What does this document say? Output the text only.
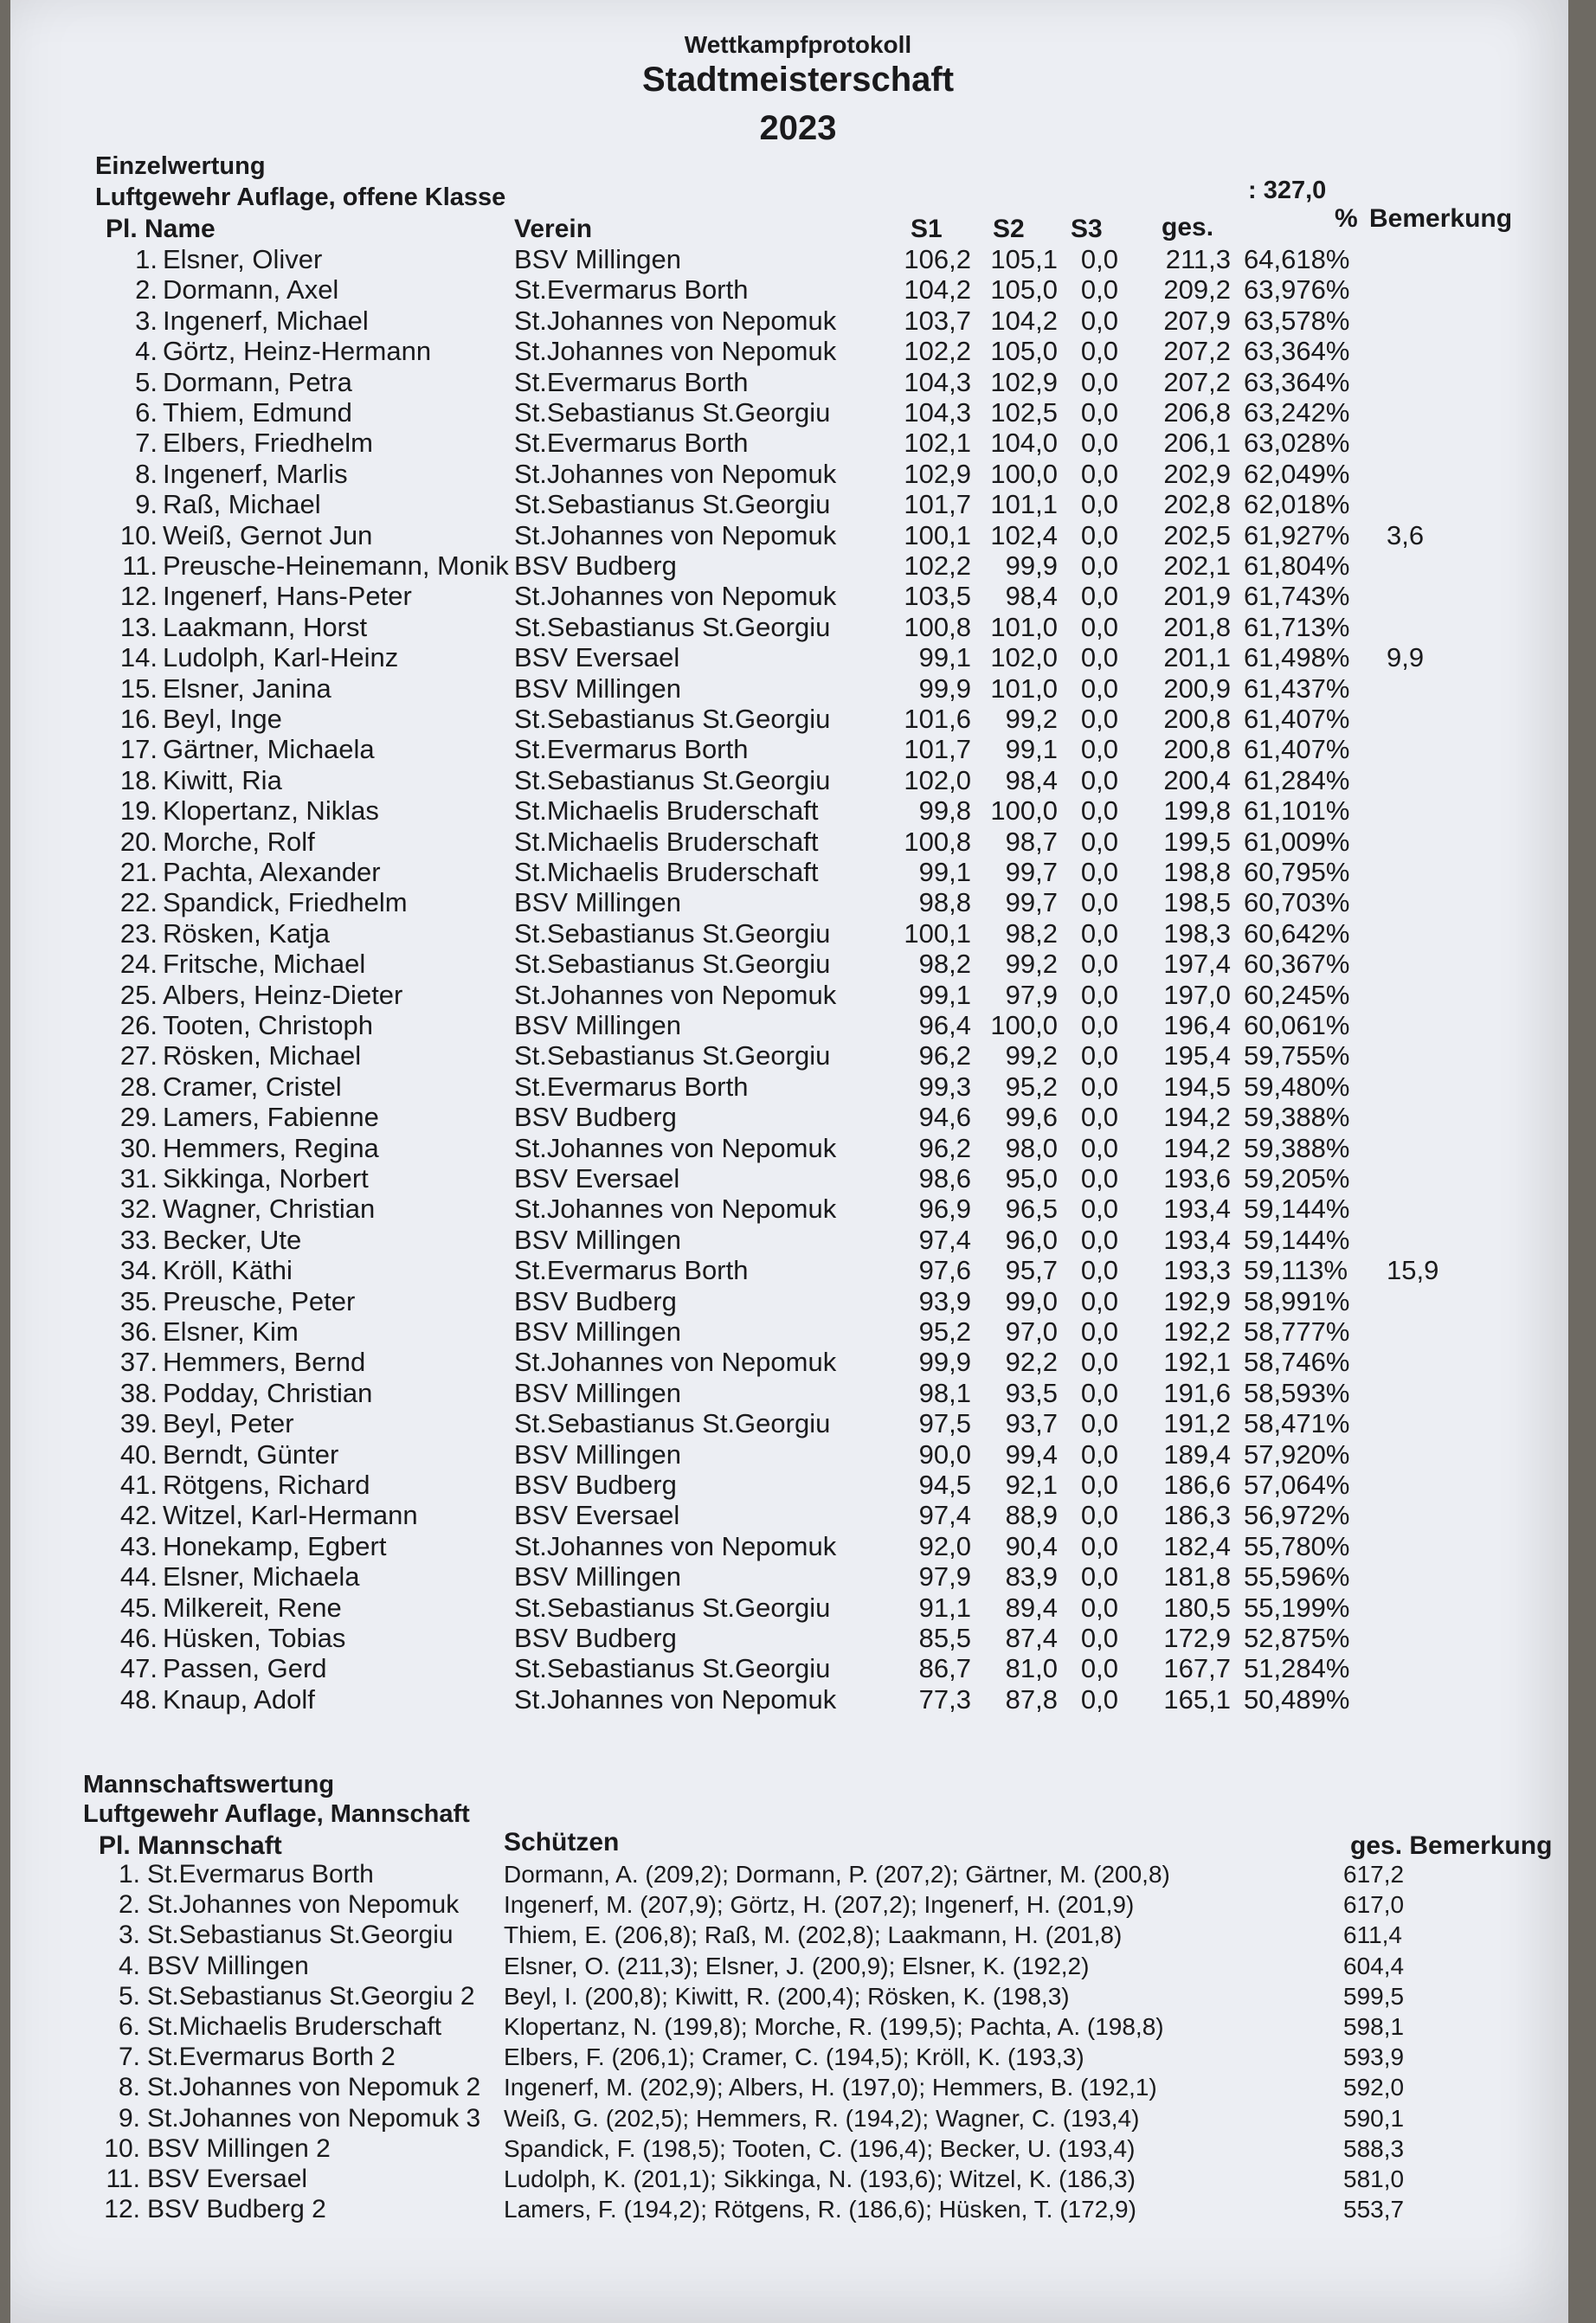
Wettkampfprotokoll
Stadtmeisterschaft
2023
Einzelwertung
Luftgewehr Auflage, offene Klasse	: 327,0
Pl. Name	Verein	S1 S2 S3 ges.	% Bemerkung
1. Elsner, Oliver	BSV Millingen	106,2 105,1 0,0	211,3 64,618%
2. Dormann, Axel	St.Evermarus Borth	104,2 105,0 0,0	209,2 63,976%
3. Ingenerf, Michael	St.Johannes von Nepomuk	103,7 104,2 0,0	207,9 63,578%
4. Görtz, Heinz-Hermann	St.Johannes von Nepomuk	102,2 105,0 0,0	207,2 63,364%
5. Dormann, Petra	St.Evermarus Borth	104,3 102,9 0,0	207,2 63,364%
6. Thiem, Edmund	St.Sebastianus St.Georgiu	104,3 102,5 0,0	206,8 63,242%
7. Elbers, Friedhelm	St.Evermarus Borth	102,1 104,0 0,0	206,1 63,028%
8. Ingenerf, Marlis	St.Johannes von Nepomuk	102,9 100,0 0,0	202,9 62,049%
9. Raß, Michael	St.Sebastianus St.Georgiu	101,7 101,1 0,0	202,8 62,018%
10. Weiß, Gernot Jun	St.Johannes von Nepomuk	100,1 102,4 0,0	202,5 61,927% 3,6
11. Preusche-Heinemann, Monik BSV Budberg	102,2	99,9 0,0	202,1 61,804%
12. Ingenerf, Hans-Peter	St.Johannes von Nepomuk	103,5	98,4 0,0	201,9 61,743%
13. Laakmann, Horst	St.Sebastianus St.Georgiu	100,8 101,0 0,0	201,8 61,713%
14. Ludolph, Karl-Heinz	BSV Eversael	99,1 102,0 0,0	201,1 61,498% 9,9
15. Elsner, Janina	BSV Millingen	99,9 101,0 0,0	200,9 61,437%
16. Beyl, Inge	St.Sebastianus St.Georgiu	101,6	99,2 0,0	200,8 61,407%
17. Gärtner, Michaela	St.Evermarus Borth	101,7	99,1 0,0	200,8 61,407%
18. Kiwitt, Ria	St.Sebastianus St.Georgiu	102,0	98,4 0,0	200,4 61,284%
19. Klopertanz, Niklas	St.Michaelis Bruderschaft	99,8 100,0 0,0	199,8 61,101%
20. Morche, Rolf	St.Michaelis Bruderschaft	100,8	98,7 0,0	199,5 61,009%
21. Pachta, Alexander	St.Michaelis Bruderschaft	99,1	99,7 0,0	198,8 60,795%
22. Spandick, Friedhelm	BSV Millingen	98,8	99,7 0,0	198,5 60,703%
23. Rösken, Katja	St.Sebastianus St.Georgiu	100,1	98,2 0,0	198,3 60,642%
24. Fritsche, Michael	St.Sebastianus St.Georgiu	98,2	99,2 0,0	197,4 60,367%
25. Albers, Heinz-Dieter	St.Johannes von Nepomuk	99,1	97,9 0,0	197,0 60,245%
26. Tooten, Christoph	BSV Millingen	96,4 100,0 0,0	196,4 60,061%
27. Rösken, Michael	St.Sebastianus St.Georgiu	96,2	99,2 0,0	195,4 59,755%
28. Cramer, Cristel	St.Evermarus Borth	99,3	95,2 0,0	194,5 59,480%
29. Lamers, Fabienne	BSV Budberg	94,6	99,6 0,0	194,2 59,388%
30. Hemmers, Regina	St.Johannes von Nepomuk	96,2	98,0 0,0	194,2 59,388%
31. Sikkinga, Norbert	BSV Eversael	98,6	95,0 0,0	193,6 59,205%
32. Wagner, Christian	St.Johannes von Nepomuk	96,9	96,5 0,0	193,4 59,144%
33. Becker, Ute	BSV Millingen	97,4	96,0 0,0	193,4 59,144%
34. Kröll, Käthi	St.Evermarus Borth	97,6	95,7 0,0	193,3 59,113% 15,9
35. Preusche, Peter	BSV Budberg	93,9	99,0 0,0	192,9 58,991%
36. Elsner, Kim	BSV Millingen	95,2	97,0 0,0	192,2 58,777%
37. Hemmers, Bernd	St.Johannes von Nepomuk	99,9	92,2 0,0	192,1 58,746%
38. Podday, Christian	BSV Millingen	98,1	93,5 0,0	191,6 58,593%
39. Beyl, Peter	St.Sebastianus St.Georgiu	97,5	93,7 0,0	191,2 58,471%
40. Berndt, Günter	BSV Millingen	90,0	99,4 0,0	189,4 57,920%
41. Rötgens, Richard	BSV Budberg	94,5	92,1 0,0	186,6 57,064%
42. Witzel, Karl-Hermann	BSV Eversael	97,4	88,9 0,0	186,3 56,972%
43. Honekamp, Egbert	St.Johannes von Nepomuk	92,0	90,4 0,0	182,4 55,780%
44. Elsner, Michaela	BSV Millingen	97,9	83,9 0,0	181,8 55,596%
45. Milkereit, Rene	St.Sebastianus St.Georgiu	91,1	89,4 0,0	180,5 55,199%
46. Hüsken, Tobias	BSV Budberg	85,5	87,4 0,0	172,9 52,875%
47. Passen, Gerd	St.Sebastianus St.Georgiu	86,7	81,0 0,0	167,7 51,284%
48. Knaup, Adolf	St.Johannes von Nepomuk	77,3	87,8 0,0	165,1 50,489%
Mannschaftswertung
Luftgewehr Auflage, Mannschaft
Pl. Mannschaft	Schützen	ges. Bemerkung
1. St.Evermarus Borth	Dormann, A. (209,2); Dormann, P. (207,2); Gärtner, M. (200,8)	617,2
2. St.Johannes von Nepomuk Ingenerf, M. (207,9); Görtz, H. (207,2); Ingenerf, H. (201,9)	617,0
3. St.Sebastianus St.Georgiu Thiem, E. (206,8); Raß, M. (202,8); Laakmann, H. (201,8)	611,4
4. BSV Millingen	Elsner, O. (211,3); Elsner, J. (200,9); Elsner, K. (192,2)	604,4
5. St.Sebastianus St.Georgiu 2 Beyl, I. (200,8); Kiwitt, R. (200,4); Rösken, K. (198,3)	599,5
6. St.Michaelis Bruderschaft	Klopertanz, N. (199,8); Morche, R. (199,5); Pachta, A. (198,8)	598,1
7. St.Evermarus Borth 2	Elbers, F. (206,1); Cramer, C. (194,5); Kröll, K. (193,3)	593,9
8. St.Johannes von Nepomuk 2 Ingenerf, M. (202,9); Albers, H. (197,0); Hemmers, B. (192,1)	592,0
9. St.Johannes von Nepomuk 3 Weiß, G. (202,5); Hemmers, R. (194,2); Wagner, C. (193,4)	590,1
10. BSV Millingen 2	Spandick, F. (198,5); Tooten, C. (196,4); Becker, U. (193,4)	588,3
11. BSV Eversael	Ludolph, K. (201,1); Sikkinga, N. (193,6); Witzel, K. (186,3)	581,0
12. BSV Budberg 2	Lamers, F. (194,2); Rötgens, R. (186,6); Hüsken, T. (172,9)	553,7
